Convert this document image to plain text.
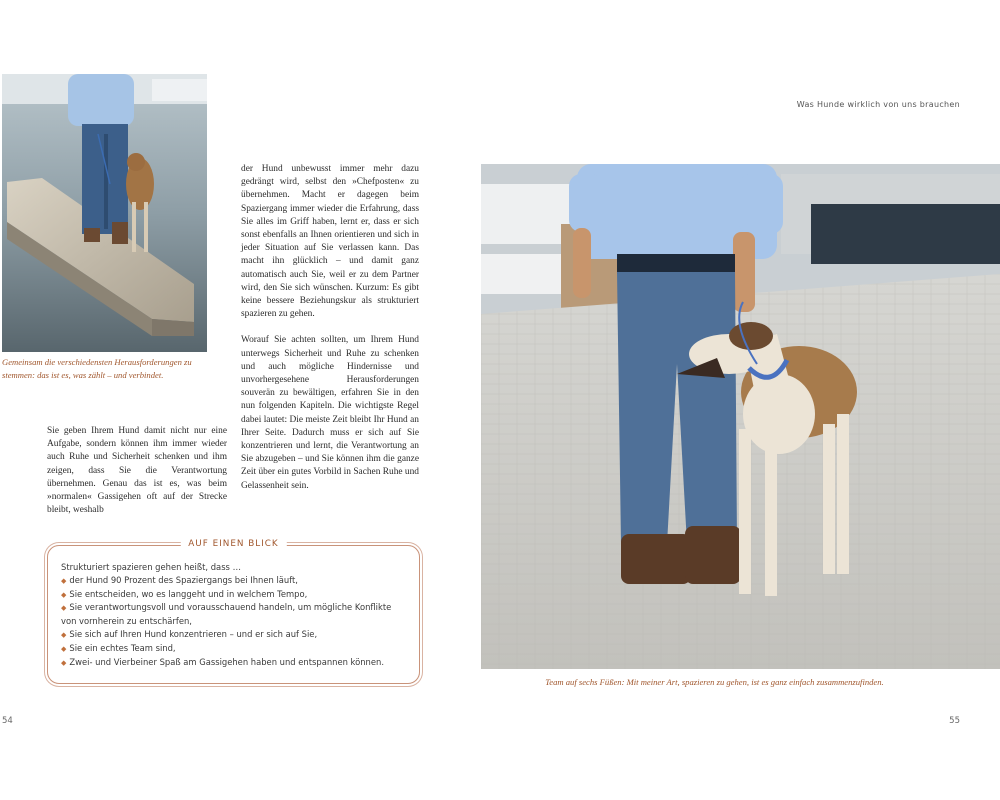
Gemeinsam die verschiedensten Herausforderungen zu stemmen: das ist es, was zählt – und verbindet.

Sie geben Ihrem Hund damit nicht nur eine Aufgabe, sondern können ihm immer wieder auch Ruhe und Sicherheit schenken und ihm zeigen, dass Sie die Verantwortung übernehmen. Genau das ist es, was beim »normalen« Gassigehen oft auf der Strecke bleibt, weshalb

der Hund unbewusst immer mehr dazu gedrängt wird, selbst den »Chefposten« zu übernehmen. Macht er dagegen beim Spaziergang immer wieder die Erfahrung, dass Sie alles im Griff haben, lernt er, dass er sich sonst ebenfalls an Ihnen orientieren und sich in jeder Situation auf Sie verlassen kann. Das macht ihn glücklich – und damit ganz automatisch auch Sie, weil er zu dem Partner wird, den Sie sich wünschen. Kurzum: Es gibt keine bessere Beziehungskur als strukturiert spazieren zu gehen.

Worauf Sie achten sollten, um Ihrem Hund unterwegs Sicherheit und Ruhe zu schenken und auch mögliche Hindernisse und unvorhergesehene Herausforderungen souverän zu bewältigen, erfahren Sie in den nun folgenden Kapiteln. Die wichtigste Regel dabei lautet: Die meiste Zeit bleibt Ihr Hund an Ihrer Seite. Dadurch muss er sich auf Sie konzentrieren und lernt, die Verantwortung an Sie abzugeben – und Sie können ihm die ganze Zeit über ein gutes Vorbild in Sachen Ruhe und Gelassenheit sein.

AUF EINEN BLICK
Strukturiert spazieren gehen heißt, dass …
◆ der Hund 90 Prozent des Spaziergangs bei Ihnen läuft,
◆ Sie entscheiden, wo es langgeht und in welchem Tempo,
◆ Sie verantwortungsvoll und vorausschauend handeln, um mögliche Konflikte von vornherein zu entschärfen,
◆ Sie sich auf Ihren Hund konzentrieren – und er sich auf Sie,
◆ Sie ein echtes Team sind,
◆ Zwei- und Vierbeiner Spaß am Gassigehen haben und entspannen können.
54
Was Hunde wirklich von uns brauchen
Team auf sechs Füßen: Mit meiner Art, spazieren zu gehen, ist es ganz einfach zusammenzufinden.
55
